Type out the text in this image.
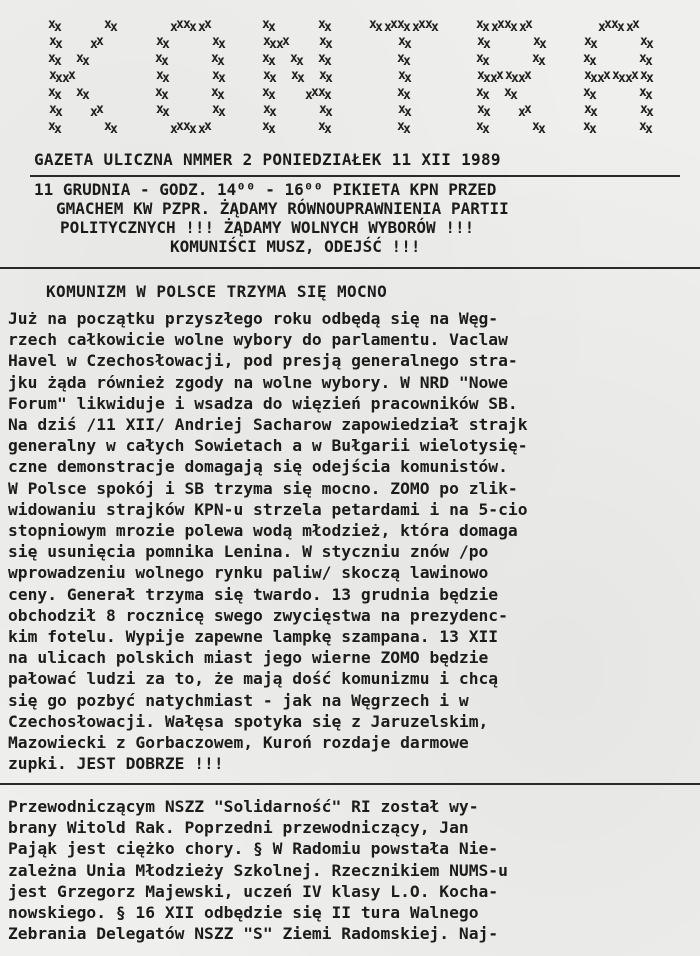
x
x	x
x
x
x x
x
x
x x
x
x
x x
x
x
x x
x
x
x x
x
x
x	x
x
x
x x
x x
x
x
x	x
x
x
x	x
x
x
x	x
x
x
x	x
x
x
x	x
x
x
x x
x x
x
x
x	x
x
x
x x
x x
x
x
x x
x x
x
x
x x
x x
x
x
x x
x x
x
x
x	x
x
x
x	x
x
x
x x
x x
x x
x x
x
x
x
x
x
x
x
x
x
x
x
x
x
x
x x
x x
x x
x
x
x	x
x
x
x	x
x
x
x x
x x
x x
x
x
x x
x
x
x x
x
x
x	x
x
x
x x
x x
x
x
x	x
x
x
x	x
x
x
x x
x x
x x
x x
x
x
x	x
x
x
x	x
x
x
x	x
x
GAZETA ULICZNA NMMER 2 PONIEDZIAŁEK 11 XII 1989
11 GRUDNIA - GODZ. 14⁰⁰ - 16⁰⁰ PIKIETA KPN PRZED
GMACHEM KW PZPR. ŻĄDAMY RÓWNOUPRAWNIENIA PARTII
POLITYCZNYCH !!! ŻĄDAMY WOLNYCH WYBORÓW !!!
KOMUNIŚCI MUSZ, ODEJŚĆ !!!
KOMUNIZM W POLSCE TRZYMA SIĘ MOCNO
Już na początku przyszłego roku odbędą się na Węg-
rzech całkowicie wolne wybory do parlamentu. Vaclaw
Havel w Czechosłowacji, pod presją generalnego stra-
jku żąda również zgody na wolne wybory. W NRD "Nowe
Forum" likwiduje i wsadza do więzień pracowników SB.
Na dziś /11 XII/ Andriej Sacharow zapowiedział strajk
generalny w całych Sowietach a w Bułgarii wielotysię-
czne demonstracje domagają się odejścia komunistów.
W Polsce spokój i SB trzyma się mocno. ZOMO po zlik-
widowaniu strajków KPN-u strzela petardami i na 5-cio
stopniowym mrozie polewa wodą młodzież, która domaga
się usunięcia pomnika Lenina. W styczniu znów /po
wprowadzeniu wolnego rynku paliw/ skoczą lawinowo
ceny. Generał trzyma się twardo. 13 grudnia będzie
obchodził 8 rocznicę swego zwycięstwa na prezydenc-
kim fotelu. Wypije zapewne lampkę szampana. 13 XII
na ulicach polskich miast jego wierne ZOMO będzie
pałować ludzi za to, że mają dość komunizmu i chcą
się go pozbyć natychmiast - jak na Węgrzech i w
Czechosłowacji. Wałęsa spotyka się z Jaruzelskim,
Mazowiecki z Gorbaczowem, Kuroń rozdaje darmowe
zupki. JEST DOBRZE !!!
Przewodniczącym NSZZ "Solidarność" RI został wy-
brany Witold Rak. Poprzedni przewodniczący, Jan
Pająk jest ciężko chory. § W Radomiu powstała Nie-
zależna Unia Młodzieży Szkolnej. Rzecznikiem NUMS-u
jest Grzegorz Majewski, uczeń IV klasy L.O. Kocha-
nowskiego. § 16 XII odbędzie się II tura Walnego
Zebrania Delegatów NSZZ "S" Ziemi Radomskiej. Naj-
